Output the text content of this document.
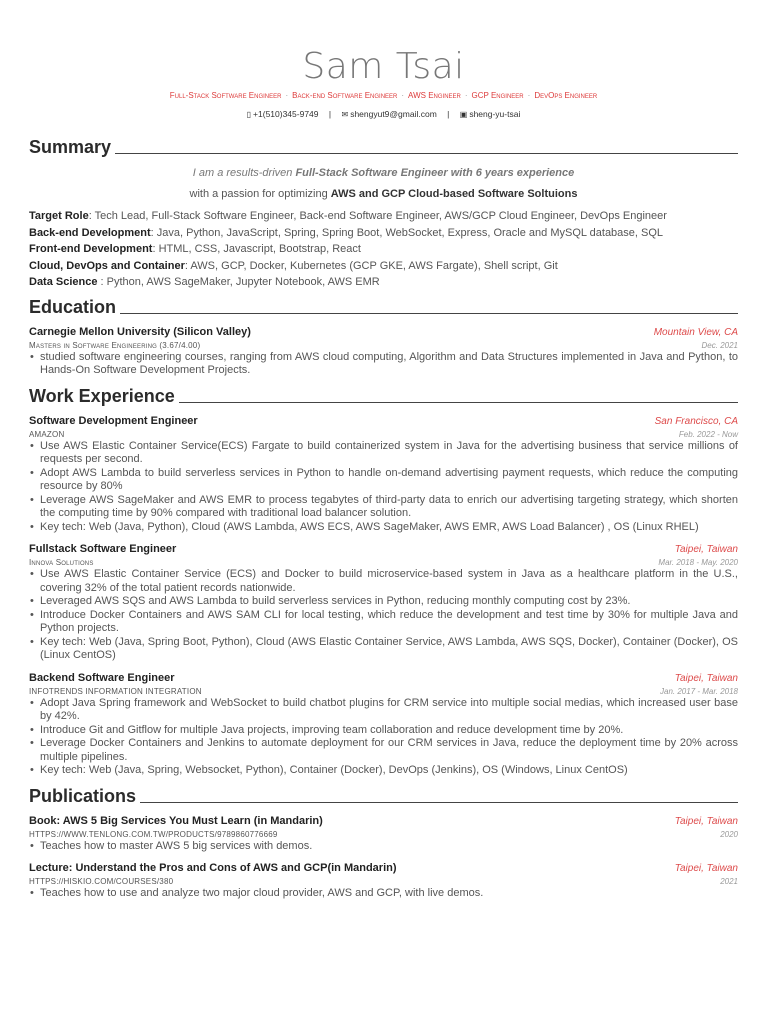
Sam Tsai
Full-Stack Software Engineer · Back-end Software Engineer · AWS Engineer · GCP Engineer · DevOps Engineer
▯ +1(510)345-9749 | ✉ shengyut9@gmail.com | ▣ sheng-yu-tsai
Summary
I am a results-driven Full-Stack Software Engineer with 6 years experience
with a passion for optimizing AWS and GCP Cloud-based Software Soltuions
Target Role: Tech Lead, Full-Stack Software Engineer, Back-end Software Engineer, AWS/GCP Cloud Engineer, DevOps Engineer
Back-end Development: Java, Python, JavaScript, Spring, Spring Boot, WebSocket, Express, Oracle and MySQL database, SQL
Front-end Development: HTML, CSS, Javascript, Bootstrap, React
Cloud, DevOps and Container: AWS, GCP, Docker, Kubernetes (GCP GKE, AWS Fargate), Shell script, Git
Data Science : Python, AWS SageMaker, Jupyter Notebook, AWS EMR
Education
Carnegie Mellon University (Silicon Valley)	Mountain View, CA
Masters in Software Engineering (3.67/4.00)	Dec. 2021
• studied software engineering courses, ranging from AWS cloud computing, Algorithm and Data Structures implemented in Java and Python, to Hands-On Software Development Projects.
Work Experience
Software Development Engineer	San Francisco, CA
AMAZON	Feb. 2022 - Now
• Use AWS Elastic Container Service(ECS) Fargate to build containerized system in Java for the advertising business that service millions of requests per second.
• Adopt AWS Lambda to build serverless services in Python to handle on-demand advertising payment requests, which reduce the computing resource by 80%
• Leverage AWS SageMaker and AWS EMR to process tegabytes of third-party data to enrich our advertising targeting strategy, which shorten the computing time by 90% compared with traditional load balancer solution.
• Key tech: Web (Java, Python), Cloud (AWS Lambda, AWS ECS, AWS SageMaker, AWS EMR, AWS Load Balancer) , OS (Linux RHEL)
Fullstack Software Engineer	Taipei, Taiwan
Innova Solutions	Mar. 2018 - May. 2020
• Use AWS Elastic Container Service (ECS) and Docker to build microservice-based system in Java as a healthcare platform in the U.S., covering 32% of the total patient records nationwide.
• Leveraged AWS SQS and AWS Lambda to build serverless services in Python, reducing monthly computing cost by 23%.
• Introduce Docker Containers and AWS SAM CLI for local testing, which reduce the development and test time by 30% for multiple Java and Python projects.
• Key tech: Web (Java, Spring Boot, Python), Cloud (AWS Elastic Container Service, AWS Lambda, AWS SQS, Docker), Container (Docker), OS (Linux CentOS)
Backend Software Engineer	Taipei, Taiwan
INFOTRENDS INFORMATION INTEGRATION	Jan. 2017 - Mar. 2018
• Adopt Java Spring framework and WebSocket to build chatbot plugins for CRM service into multiple social medias, which increased user base by 42%.
• Introduce Git and Gitflow for multiple Java projects, improving team collaboration and reduce development time by 20%.
• Leverage Docker Containers and Jenkins to automate deployment for our CRM services in Java, reduce the deployment time by 20% across multiple pipelines.
• Key tech: Web (Java, Spring, Websocket, Python), Container (Docker), DevOps (Jenkins), OS (Windows, Linux CentOS)
Publications
Book: AWS 5 Big Services You Must Learn (in Mandarin)	Taipei, Taiwan
HTTPS://WWW.TENLONG.COM.TW/PRODUCTS/9789860776669	2020
• Teaches how to master AWS 5 big services with demos.
Lecture: Understand the Pros and Cons of AWS and GCP(in Mandarin)	Taipei, Taiwan
HTTPS://HISKIO.COM/COURSES/380	2021
• Teaches how to use and analyze two major cloud provider, AWS and GCP, with live demos.
